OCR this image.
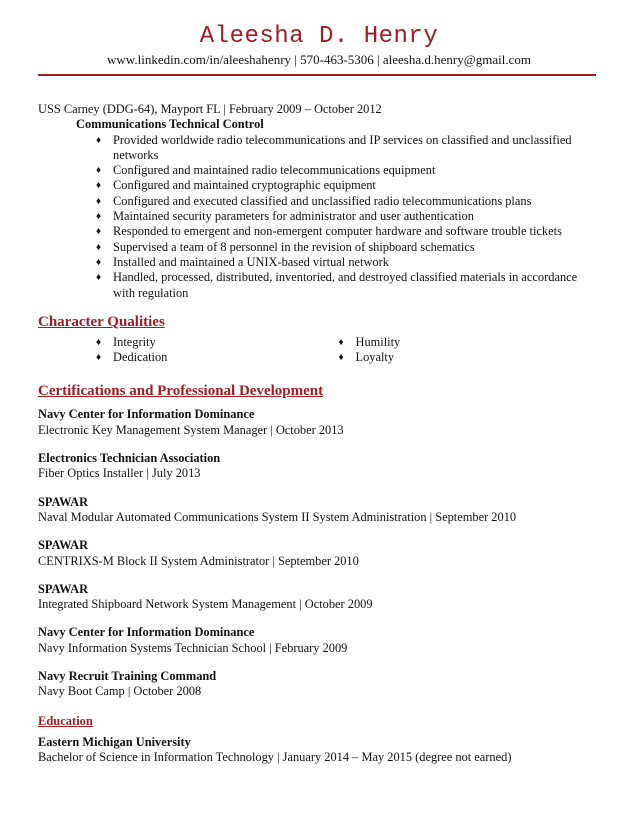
Aleesha D. Henry
www.linkedin.com/in/aleeshahenry | 570-463-5306 | aleesha.d.henry@gmail.com
USS Carney (DDG-64), Mayport FL | February 2009 – October 2012
Communications Technical Control
♦ Provided worldwide radio telecommunications and IP services on classified and unclassified networks
♦ Configured and maintained radio telecommunications equipment
♦ Configured and maintained cryptographic equipment
♦ Configured and executed classified and unclassified radio telecommunications plans
♦ Maintained security parameters for administrator and user authentication
♦ Responded to emergent and non-emergent computer hardware and software trouble tickets
♦ Supervised a team of 8 personnel in the revision of shipboard schematics
♦ Installed and maintained a UNIX-based virtual network
♦ Handled, processed, distributed, inventoried, and destroyed classified materials in accordance with regulation
Character Qualities
♦ Integrity
♦ Dedication
♦ Humility
♦ Loyalty
Certifications and Professional Development
Navy Center for Information Dominance
Electronic Key Management System Manager | October 2013
Electronics Technician Association
Fiber Optics Installer | July 2013
SPAWAR
Naval Modular Automated Communications System II System Administration | September 2010
SPAWAR
CENTRIXS-M Block II System Administrator | September 2010
SPAWAR
Integrated Shipboard Network System Management | October 2009
Navy Center for Information Dominance
Navy Information Systems Technician School | February 2009
Navy Recruit Training Command
Navy Boot Camp | October 2008
Education
Eastern Michigan University
Bachelor of Science in Information Technology | January 2014 – May 2015 (degree not earned)
